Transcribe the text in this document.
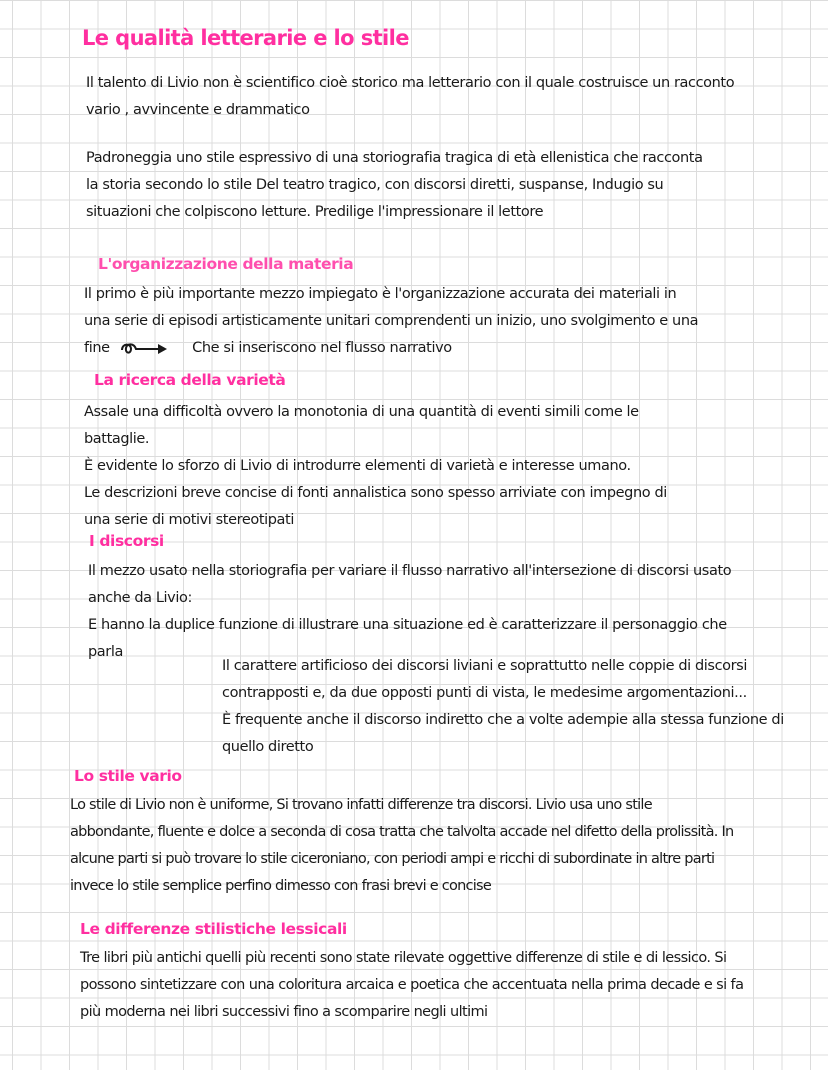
Le qualità letterarie e lo stile
Il talento di Livio non è scientifico cioè storico ma letterario con il quale costruisce un racconto
vario , avvincente e drammatico
Padroneggia uno stile espressivo di una storiografia tragica di età ellenistica che racconta
la storia secondo lo stile Del teatro tragico, con discorsi diretti, suspanse, Indugio su
situazioni che colpiscono letture. Predilige l'impressionare il lettore
L'organizzazione della materia
Il primo è più importante mezzo impiegato è l'organizzazione accurata dei materiali in
una serie di episodi artisticamente unitari comprendenti un inizio, uno svolgimento e una
fine	Che si inseriscono nel flusso narrativo
La ricerca della varietà
Assale una difficoltà ovvero la monotonia di una quantità di eventi simili come le
battaglie.
È evidente lo sforzo di Livio di introdurre elementi di varietà e interesse umano.
Le descrizioni breve concise di fonti annalistica sono spesso arriviate con impegno di
una serie di motivi stereotipati
I discorsi
Il mezzo usato nella storiografia per variare il flusso narrativo all'intersezione di discorsi usato
anche da Livio:
E hanno la duplice funzione di illustrare una situazione ed è caratterizzare il personaggio che
parla
Il carattere artificioso dei discorsi liviani e soprattutto nelle coppie di discorsi
contrapposti e, da due opposti punti di vista, le medesime argomentazioni...
È frequente anche il discorso indiretto che a volte adempie alla stessa funzione di
quello diretto
Lo stile vario
Lo stile di Livio non è uniforme, Si trovano infatti differenze tra discorsi. Livio usa uno stile
abbondante, fluente e dolce a seconda di cosa tratta che talvolta accade nel difetto della prolissità. In
alcune parti si può trovare lo stile ciceroniano, con periodi ampi e ricchi di subordinate in altre parti
invece lo stile semplice perfino dimesso con frasi brevi e concise
Le differenze stilistiche lessicali
Tre libri più antichi quelli più recenti sono state rilevate oggettive differenze di stile e di lessico. Si
possono sintetizzare con una coloritura arcaica e poetica che accentuata nella prima decade e si fa
più moderna nei libri successivi fino a scomparire negli ultimi
